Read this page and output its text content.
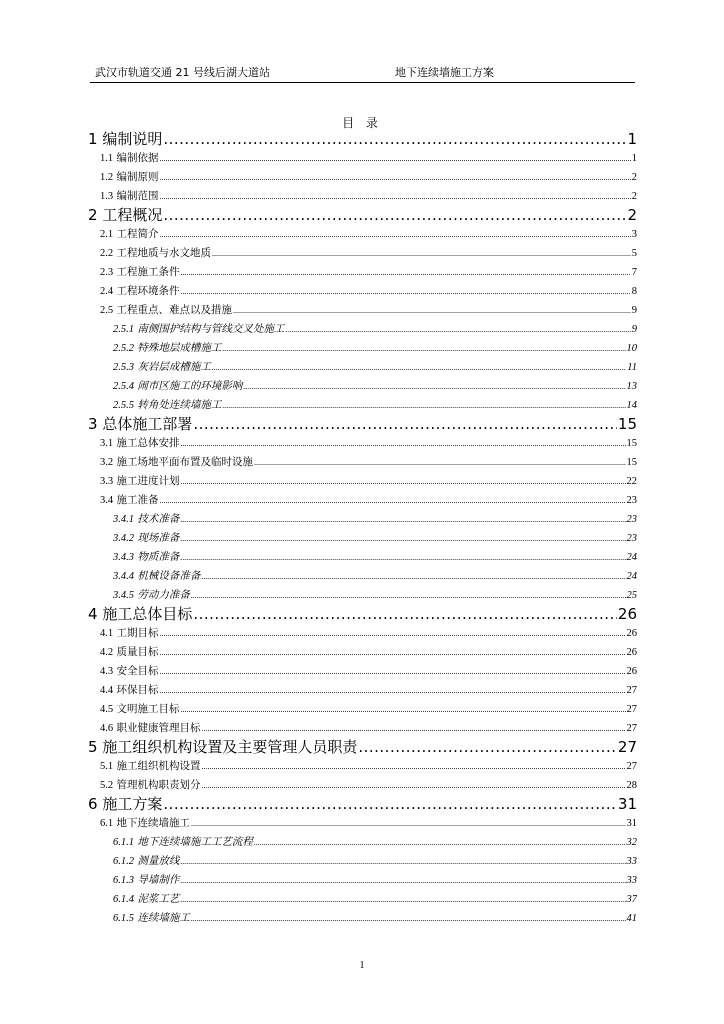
武汉市轨道交通 21 号线后湖大道站	地下连续墙施工方案
目 录
1 编制说明 .....	1
1.1 编制依据 .....	1
1.2 编制原则 .....	2
1.3 编制范围 .....	2
2 工程概况 .....	2
2.1 工程简介 .....	3
2.2 工程地质与水文地质 .....	5
2.3 工程施工条件 .....	7
2.4 工程环境条件 .....	8
2.5 工程重点、难点以及措施 .....	9
2.5.1 南侧围护结构与管线交叉处施工 .....	9
2.5.2 特殊地层成槽施工 .....	10
2.5.3 灰岩层成槽施工 .....	11
2.5.4 闹市区施工的环境影响 .....	13
2.5.5 转角处连续墙施工 .....	14
3 总体施工部署 .....	15
3.1 施工总体安排 .....	15
3.2 施工场地平面布置及临时设施 .....	15
3.3 施工进度计划 .....	22
3.4 施工准备 .....	23
3.4.1 技术准备 .....	23
3.4.2 现场准备 .....	23
3.4.3 物质准备 .....	24
3.4.4 机械设备准备 .....	24
3.4.5 劳动力准备 .....	25
4 施工总体目标 .....	26
4.1 工期目标 .....	26
4.2 质量目标 .....	26
4.3 安全目标 .....	26
4.4 环保目标 .....	27
4.5 文明施工目标 .....	27
4.6 职业健康管理目标 .....	27
5 施工组织机构设置及主要管理人员职责 .....	27
5.1 施工组织机构设置 .....	27
5.2 管理机构职责划分 .....	28
6 施工方案 .....	31
6.1 地下连续墙施工 .....	31
6.1.1 地下连续墙施工工艺流程 .....	32
6.1.2 测量放线 .....	33
6.1.3 导墙制作 .....	33
6.1.4 泥浆工艺 .....	37
6.1.5 连续墙施工 .....	41
1
